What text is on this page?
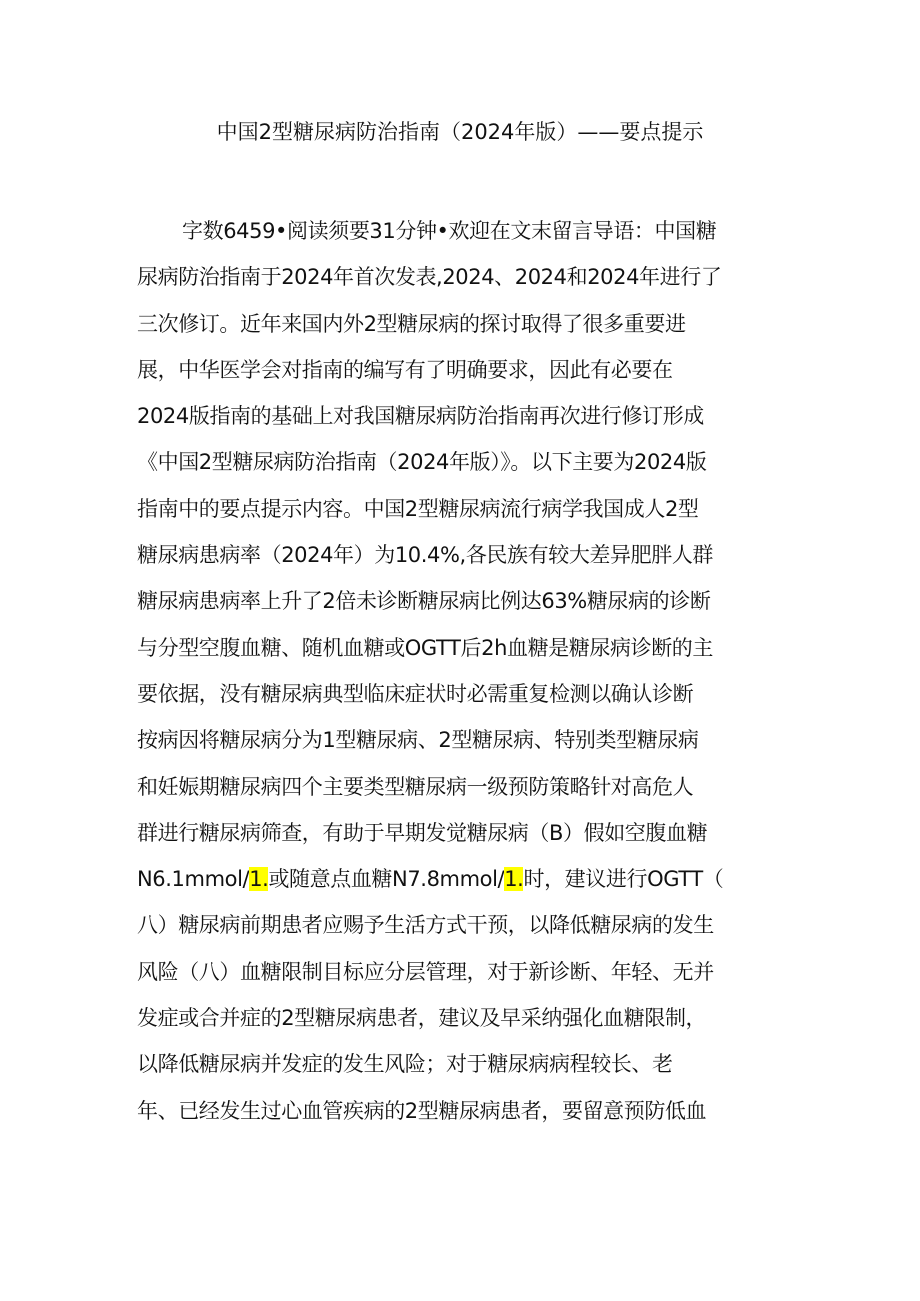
中国2型糖尿病防治指南（2024年版）——要点提示
字数6459•阅读须要31分钟•欢迎在文末留言导语：中国糖
尿病防治指南于2024年首次发表,2024、2024和2024年进行了
三次修订。近年来国内外2型糖尿病的探讨取得了很多重要进
展，中华医学会对指南的编写有了明确要求，因此有必要在
2024版指南的基础上对我国糖尿病防治指南再次进行修订形成
《中国2型糖尿病防治指南（2024年版）》。以下主要为2024版
指南中的要点提示内容。中国2型糖尿病流行病学我国成人2型
糖尿病患病率（2024年）为10.4%,各民族有较大差异肥胖人群
糖尿病患病率上升了2倍未诊断糖尿病比例达63%糖尿病的诊断
与分型空腹血糖、随机血糖或OGTT后2h血糖是糖尿病诊断的主
要依据，没有糖尿病典型临床症状时必需重复检测以确认诊断
按病因将糖尿病分为1型糖尿病、2型糖尿病、特别类型糖尿病
和妊娠期糖尿病四个主要类型糖尿病一级预防策略针对高危人
群进行糖尿病筛查，有助于早期发觉糖尿病（B）假如空腹血糖
N6.1mmol/1.或随意点血糖N7.8mmol/1.时，建议进行OGTT（
八）糖尿病前期患者应赐予生活方式干预，以降低糖尿病的发生
风险（八）血糖限制目标应分层管理，对于新诊断、年轻、无并
发症或合并症的2型糖尿病患者，建议及早采纳强化血糖限制，
以降低糖尿病并发症的发生风险；对于糖尿病病程较长、老
年、已经发生过心血管疾病的2型糖尿病患者，要留意预防低血
